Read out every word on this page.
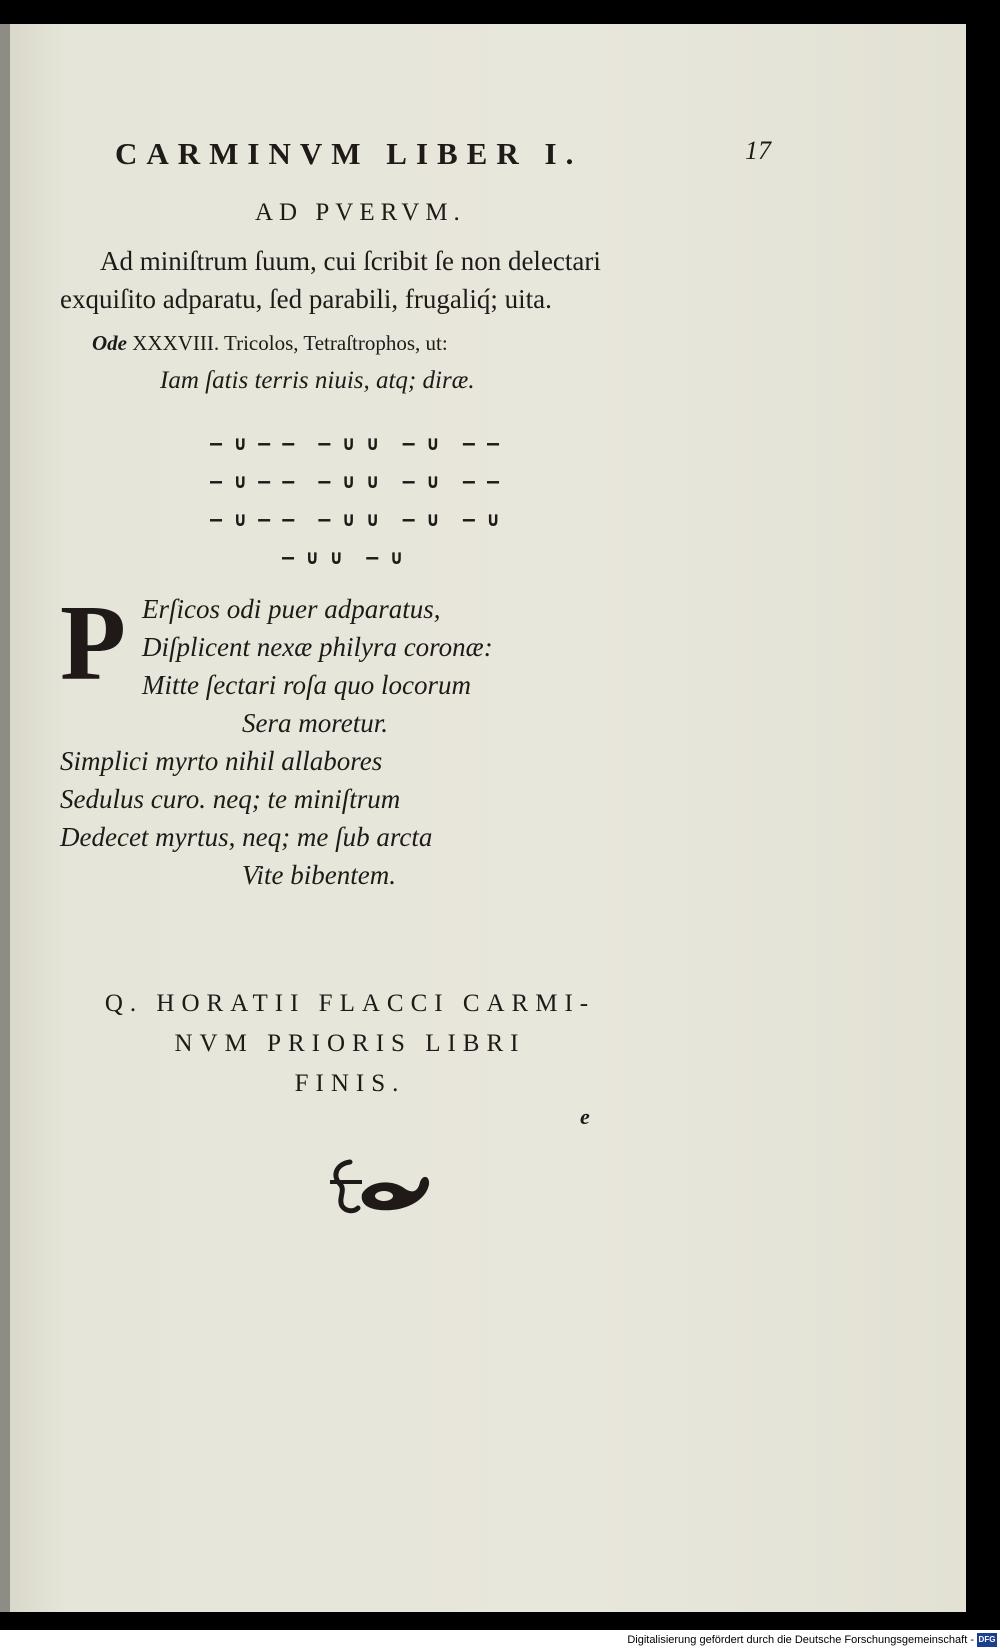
CARMINVM LIBER I.	17
AD PVERVM.
Ad miniſtrum ſuum, cui ſcribit ſe non delectari
exquiſito adparatu, ſed parabili, frugaliq́; uita.
Ode XXXVIII. Tricolos, Tetraſtrophos, ut:
Iam ſatis terris niuis, atq; diræ.
— ∪ — —  — ∪ ∪  — ∪  — —
— ∪ — —  — ∪ ∪  — ∪  — —
— ∪ — —  — ∪ ∪  — ∪  — ∪
— ∪ ∪  — ∪
P Erſicos odi puer adparatus,
Diſplicent nexæ philyra coronæ:
Mitte ſectari roſa quo locorum
Sera moretur.
Simplici myrto nihil allabores
Sedulus curo. neq; te miniſtrum
Dedecet myrtus, neq; me ſub arcta
Vite bibentem.
Q. HORATII FLACCI CARMI-
NVM PRIORIS LIBRI
FINIS.
e
Digitalisierung gefördert durch die Deutsche Forschungsgemeinschaft - DFG
